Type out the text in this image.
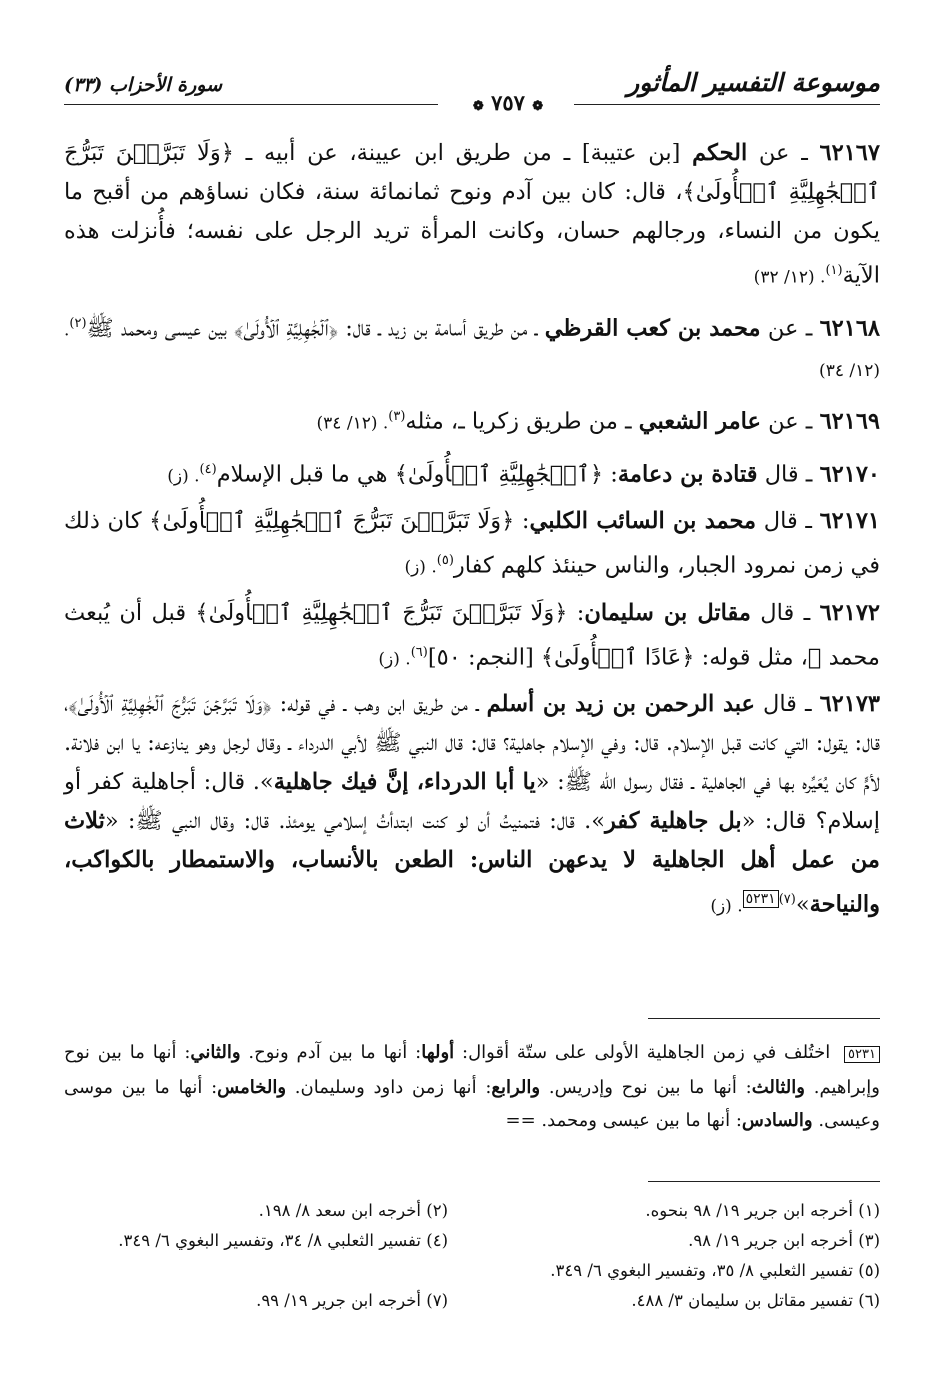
موسوعة التفسير المأثور
سورة الأحزاب (٣٣)
❁ ٧٥٧ ❁

٦٢١٦٧ ـ عن الحكم [بن عتيبة] ـ من طريق ابن عيينة، عن أبيه ـ ﴿وَلَا تَبَرَّجۡنَ تَبَرُّجَ ٱلۡجَٰهِلِيَّةِ ٱلۡأُولَىٰ﴾، قال: كان بين آدم ونوح ثمانمائة سنة، فكان نساؤهم من أقبح ما يكون من النساء، ورجالهم حسان، وكانت المرأة تريد الرجل على نفسه؛ فأُنزلت هذه الآية$^{(١)}$. (١٢/ ٣٢)

٦٢١٦٨ ـ عن محمد بن كعب القرظي ـ من طريق أسامة بن زيد ـ قال: ﴿ٱلۡجَٰهِلِيَّةِ ٱلۡأُولَىٰ﴾ بين عيسى ومحمد ﷺ$^{(٢)}$. (١٢/ ٣٤)

٦٢١٦٩ ـ عن عامر الشعبي ـ من طريق زكريا ـ، مثله$^{(٣)}$. (١٢/ ٣٤)

٦٢١٧٠ ـ قال قتادة بن دعامة: ﴿ٱلۡجَٰهِلِيَّةِ ٱلۡأُولَىٰ﴾ هي ما قبل الإسلام$^{(٤)}$. (ز)

٦٢١٧١ ـ قال محمد بن السائب الكلبي: ﴿وَلَا تَبَرَّجۡنَ تَبَرُّجَ ٱلۡجَٰهِلِيَّةِ ٱلۡأُولَىٰ﴾ كان ذلك في زمن نمرود الجبار، والناس حينئذ كلهم كفار$^{(٥)}$. (ز)

٦٢١٧٢ ـ قال مقاتل بن سليمان: ﴿وَلَا تَبَرَّجۡنَ تَبَرُّجَ ٱلۡجَٰهِلِيَّةِ ٱلۡأُولَىٰ﴾ قبل أن يُبعث محمد ﷺ، مثل قوله: ﴿عَادًا ٱلۡأُولَىٰ﴾ [النجم: ٥٠]$^{(٦)}$. (ز)

٦٢١٧٣ ـ قال عبد الرحمن بن زيد بن أسلم ـ من طريق ابن وهب ـ في قوله: ﴿وَلَا تَبَرَّجۡنَ تَبَرُّجَ ٱلۡجَٰهِلِيَّةِ ٱلۡأُولَىٰ﴾، قال: يقول: التي كانت قبل الإسلام. قال: وفي الإسلام جاهلية؟ قال: قال النبي ﷺ لأبي الدرداء ـ وقال لرجل وهو ينازعه: يا ابن فلانة. لأمٍّ كان يُعَيِّره بها في الجاهلية ـ فقال رسول الله ﷺ: «يا أبا الدرداء، إنَّ فيك جاهلية». قال: أجاهلية كفر أو إسلام؟ قال: «بل جاهلية كفر». قال: فتمنيتُ أن لو كنت ابتدأتُ إسلامي يومئذ. قال: وقال النبي ﷺ: «ثلاث من عمل أهل الجاهلية لا يدعهن الناس: الطعن بالأنساب، والاستمطار بالكواكب، والنياحة»$^{(٧)٥٢٣١}$. (ز)

٥٢٣١ اختُلف في زمن الجاهلية الأولى على ستّة أقوال: أولها: أنها ما بين آدم ونوح. والثاني: أنها ما بين نوح وإبراهيم. والثالث: أنها ما بين نوح وإدريس. والرابع: أنها زمن داود وسليمان. والخامس: أنها ما بين موسى وعيسى. والسادس: أنها ما بين عيسى ومحمد. ==
(١) أخرجه ابن جرير ١٩/ ٩٨ بنحوه.
(٢) أخرجه ابن سعد ٨/ ١٩٨.
(٣) أخرجه ابن جرير ١٩/ ٩٨.
(٤) تفسير الثعلبي ٨/ ٣٤، وتفسير البغوي ٦/ ٣٤٩.
(٥) تفسير الثعلبي ٨/ ٣٥، وتفسير البغوي ٦/ ٣٤٩.
(٦) تفسير مقاتل بن سليمان ٣/ ٤٨٨.
(٧) أخرجه ابن جرير ١٩/ ٩٩.
